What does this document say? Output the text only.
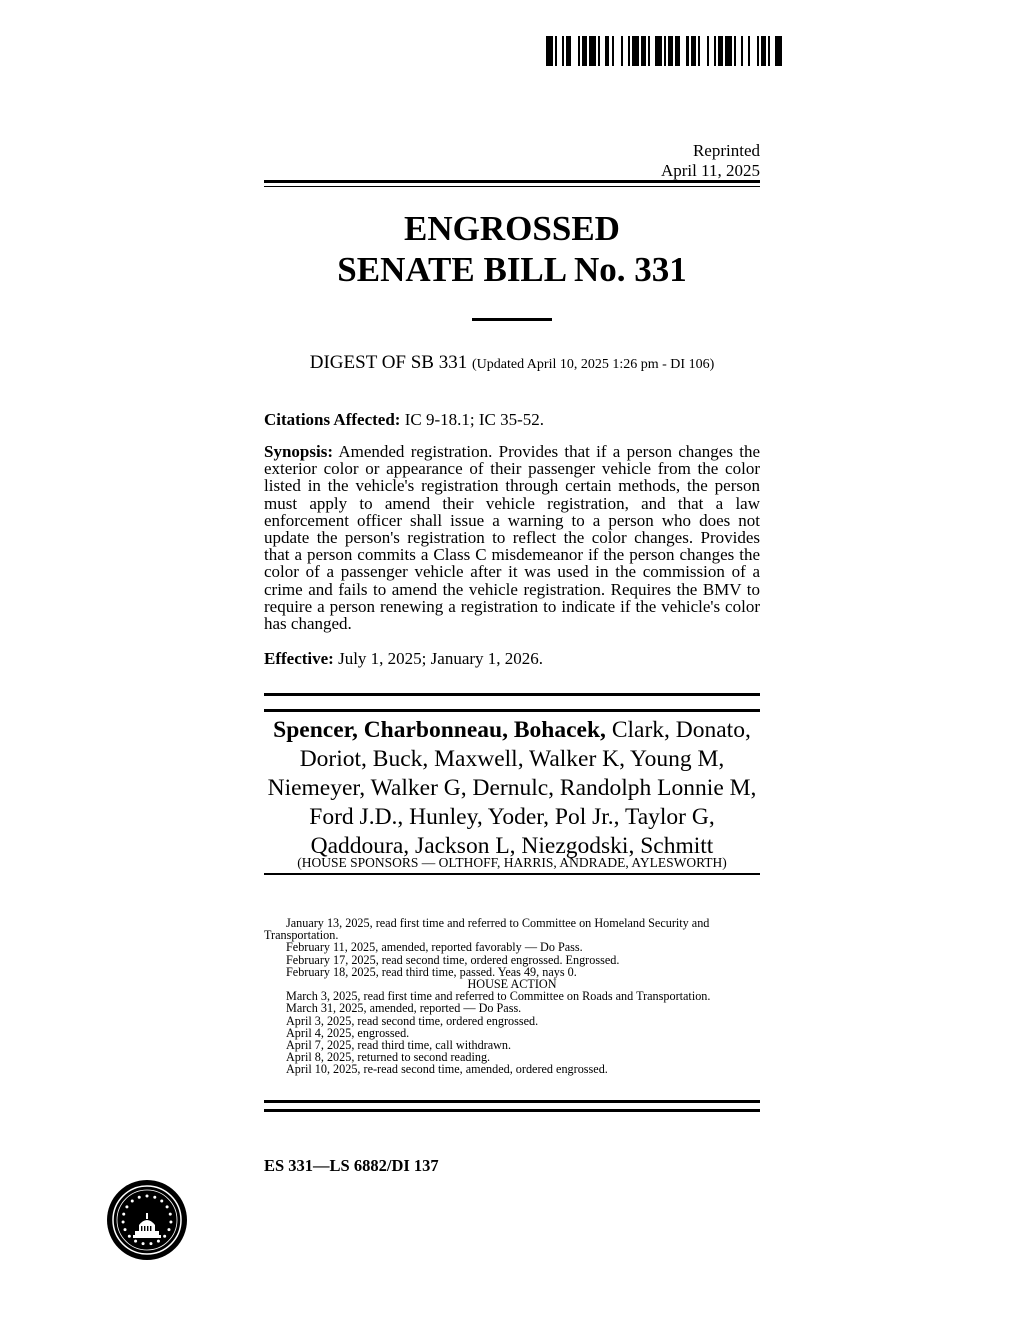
Reprinted
April 11, 2025
ENGROSSED
SENATE BILL No. 331
DIGEST OF SB 331 (Updated April 10, 2025 1:26 pm - DI 106)
Citations Affected: IC 9-18.1; IC 35-52.
Synopsis: Amended registration. Provides that if a person changes the exterior color or appearance of their passenger vehicle from the color listed in the vehicle's registration through certain methods, the person must apply to amend their vehicle registration, and that a law enforcement officer shall issue a warning to a person who does not update the person's registration to reflect the color changes. Provides that a person commits a Class C misdemeanor if the person changes the color of a passenger vehicle after it was used in the commission of a crime and fails to amend the vehicle registration. Requires the BMV to require a person renewing a registration to indicate if the vehicle's color has changed.
Effective: July 1, 2025; January 1, 2026.
Spencer, Charbonneau, Bohacek, Clark, Donato, Doriot, Buck, Maxwell, Walker K, Young M, Niemeyer, Walker G, Dernulc, Randolph Lonnie M, Ford J.D., Hunley, Yoder, Pol Jr., Taylor G, Qaddoura, Jackson L, Niezgodski, Schmitt
(HOUSE SPONSORS — OLTHOFF, HARRIS, ANDRADE, AYLESWORTH)
January 13, 2025, read first time and referred to Committee on Homeland Security and Transportation.
February 11, 2025, amended, reported favorably — Do Pass.
February 17, 2025, read second time, ordered engrossed. Engrossed.
February 18, 2025, read third time, passed. Yeas 49, nays 0.
HOUSE ACTION
March 3, 2025, read first time and referred to Committee on Roads and Transportation.
March 31, 2025, amended, reported — Do Pass.
April 3, 2025, read second time, ordered engrossed.
April 4, 2025, engrossed.
April 7, 2025, read third time, call withdrawn.
April 8, 2025, returned to second reading.
April 10, 2025, re-read second time, amended, ordered engrossed.
ES 331—LS 6882/DI 137
